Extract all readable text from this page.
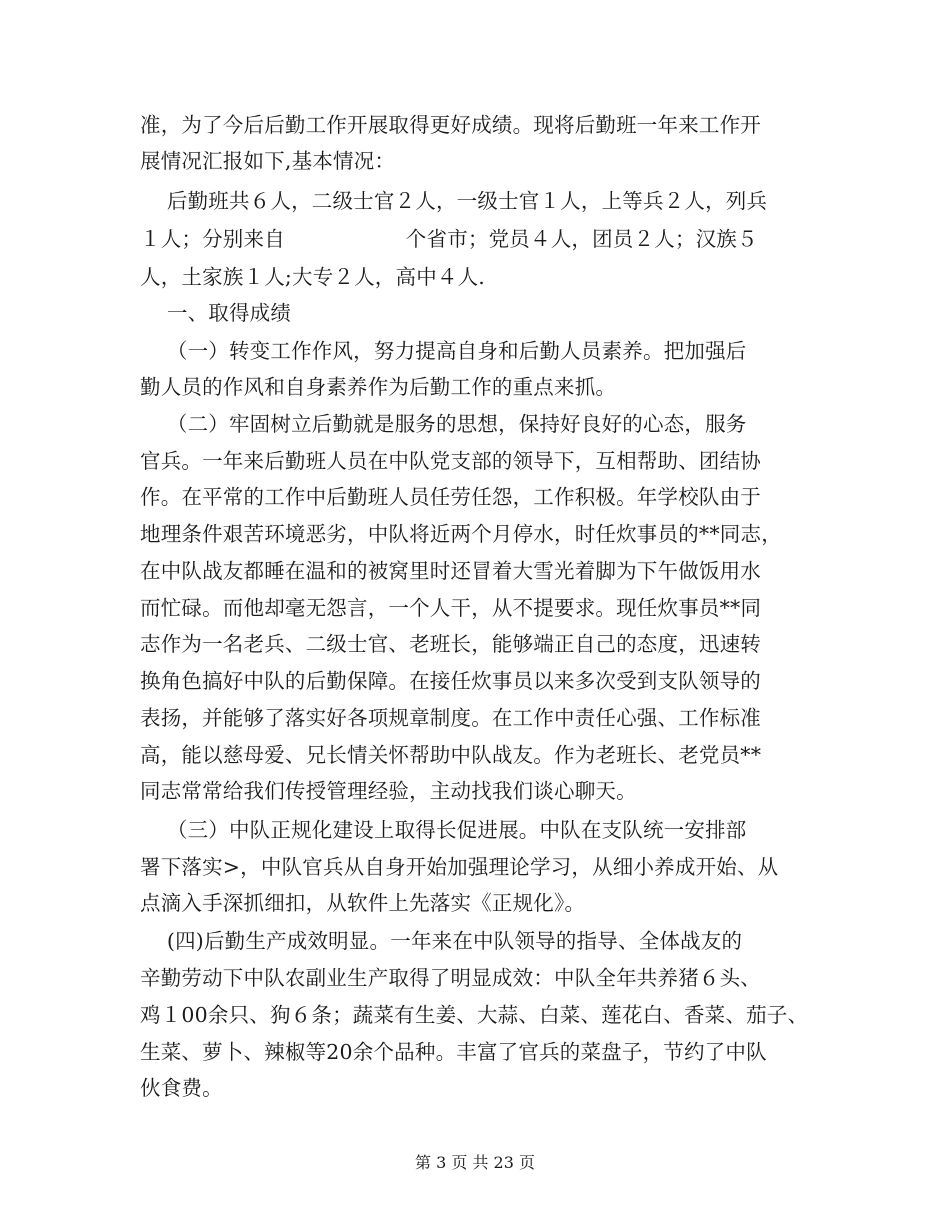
准，为了今后后勤工作开展取得更好成绩。现将后勤班一年来工作开
展情况汇报如下,基本情况：
后勤班共６人，二级士官２人，一级士官１人，上等兵２人，列兵
１人；分别来自                  个省市；党员４人，团员２人；汉族５
人，土家族１人;大专２人，高中４人.
一、取得成绩
（一）转变工作作风，努力提高自身和后勤人员素养。把加强后
勤人员的作风和自身素养作为后勤工作的重点来抓。
（二）牢固树立后勤就是服务的思想，保持好良好的心态，服务
官兵。一年来后勤班人员在中队党支部的领导下，互相帮助、团结协
作。在平常的工作中后勤班人员任劳任怨，工作积极。年学校队由于
地理条件艰苦环境恶劣，中队将近两个月停水，时任炊事员的**同志，
在中队战友都睡在温和的被窝里时还冒着大雪光着脚为下午做饭用水
而忙碌。而他却毫无怨言，一个人干，从不提要求。现任炊事员**同
志作为一名老兵、二级士官、老班长，能够端正自己的态度，迅速转
换角色搞好中队的后勤保障。在接任炊事员以来多次受到支队领导的
表扬，并能够了落实好各项规章制度。在工作中责任心强、工作标准
高，能以慈母爱、兄长情关怀帮助中队战友。作为老班长、老党员**
同志常常给我们传授管理经验，主动找我们谈心聊天。
（三）中队正规化建设上取得长促进展。中队在支队统一安排部
署下落实>，中队官兵从自身开始加强理论学习，从细小养成开始、从
点滴入手深抓细扣，从软件上先落实《正规化》。
(四)后勤生产成效明显。一年来在中队领导的指导、全体战友的
辛勤劳动下中队农副业生产取得了明显成效：中队全年共养猪６头、
鸡１00余只、狗６条；蔬菜有生姜、大蒜、白菜、莲花白、香菜、茄子、
生菜、萝卜、辣椒等20余个品种。丰富了官兵的菜盘子，节约了中队
伙食费。
第 3 页 共 23 页
